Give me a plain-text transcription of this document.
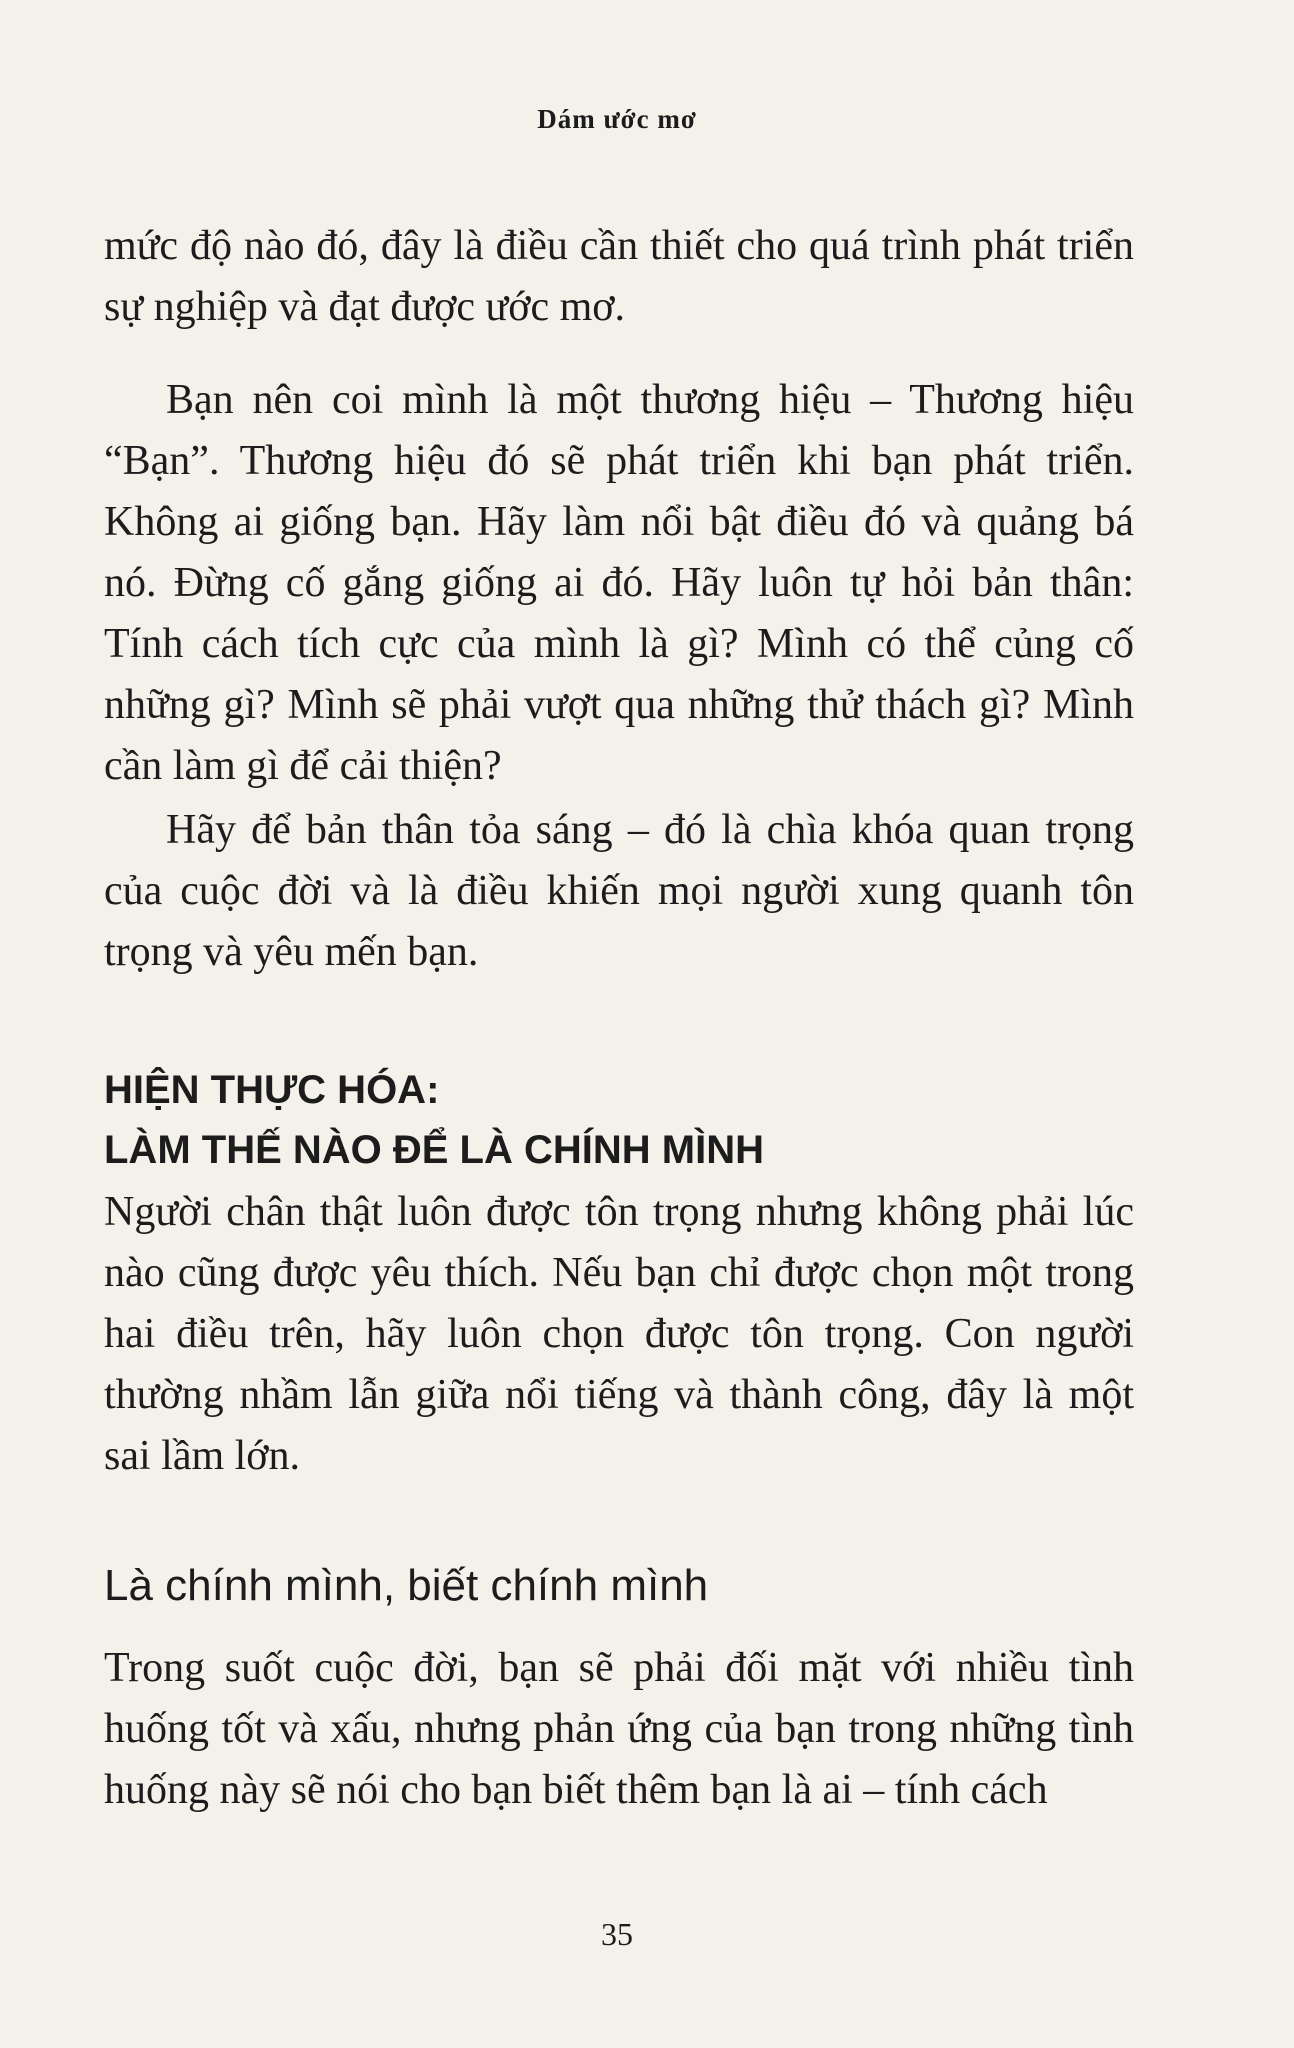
Dám ước mơ

mức độ nào đó, đây là điều cần thiết cho quá trình phát triển sự nghiệp và đạt được ước mơ.

Bạn nên coi mình là một thương hiệu – Thương hiệu “Bạn”. Thương hiệu đó sẽ phát triển khi bạn phát triển. Không ai giống bạn. Hãy làm nổi bật điều đó và quảng bá nó. Đừng cố gắng giống ai đó. Hãy luôn tự hỏi bản thân: Tính cách tích cực của mình là gì? Mình có thể củng cố những gì? Mình sẽ phải vượt qua những thử thách gì? Mình cần làm gì để cải thiện?

Hãy để bản thân tỏa sáng – đó là chìa khóa quan trọng của cuộc đời và là điều khiến mọi người xung quanh tôn trọng và yêu mến bạn.

HIỆN THỰC HÓA:
LÀM THẾ NÀO ĐỂ LÀ CHÍNH MÌNH

Người chân thật luôn được tôn trọng nhưng không phải lúc nào cũng được yêu thích. Nếu bạn chỉ được chọn một trong hai điều trên, hãy luôn chọn được tôn trọng. Con người thường nhầm lẫn giữa nổi tiếng và thành công, đây là một sai lầm lớn.

Là chính mình, biết chính mình

Trong suốt cuộc đời, bạn sẽ phải đối mặt với nhiều tình huống tốt và xấu, nhưng phản ứng của bạn trong những tình huống này sẽ nói cho bạn biết thêm bạn là ai – tính cách

35
